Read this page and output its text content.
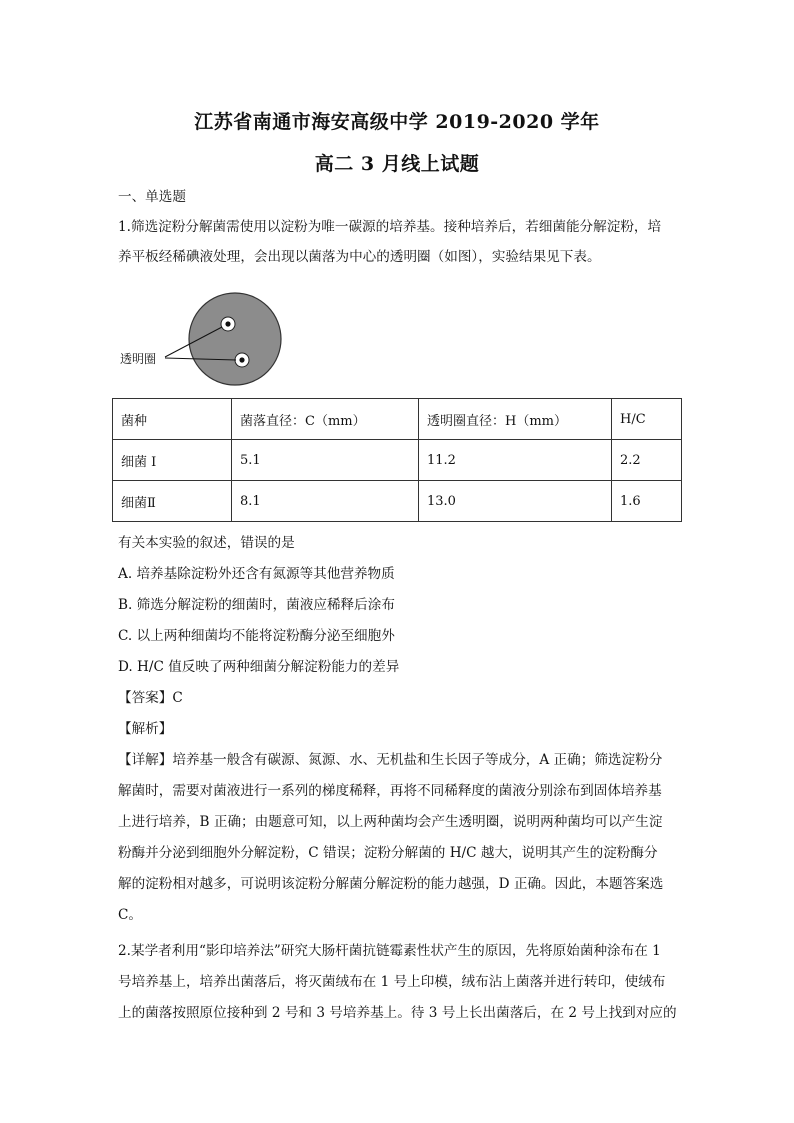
江苏省南通市海安高级中学 2019-2020 学年
高二 3 月线上试题
一、单选题
1.筛选淀粉分解菌需使用以淀粉为唯一碳源的培养基。接种培养后，若细菌能分解淀粉，培
养平板经稀碘液处理，会出现以菌落为中心的透明圈（如图），实验结果见下表。
透明圈
菌种	菌落直径：C（mm）	透明圈直径：H（mm）	H/C
细菌 I	5.1	11.2	2.2
细菌Ⅱ	8.1	13.0	1.6
有关本实验的叙述，错误的是
A. 培养基除淀粉外还含有氮源等其他营养物质
B. 筛选分解淀粉的细菌时，菌液应稀释后涂布
C. 以上两种细菌均不能将淀粉酶分泌至细胞外
D. H/C 值反映了两种细菌分解淀粉能力的差异
【答案】C
【解析】
【详解】培养基一般含有碳源、氮源、水、无机盐和生长因子等成分，A 正确；筛选淀粉分
解菌时，需要对菌液进行一系列的梯度稀释，再将不同稀释度的菌液分别涂布到固体培养基
上进行培养，B 正确；由题意可知，以上两种菌均会产生透明圈，说明两种菌均可以产生淀
粉酶并分泌到细胞外分解淀粉，C 错误；淀粉分解菌的 H/C 越大，说明其产生的淀粉酶分
解的淀粉相对越多，可说明该淀粉分解菌分解淀粉的能力越强，D 正确。因此，本题答案选
C。
2.某学者利用“影印培养法”研究大肠杆菌抗链霉素性状产生的原因，先将原始菌种涂布在 1
号培养基上，培养出菌落后，将灭菌绒布在 1 号上印模，绒布沾上菌落并进行转印，使绒布
上的菌落按照原位接种到 2 号和 3 号培养基上。待 3 号上长出菌落后，在 2 号上找到对应的
